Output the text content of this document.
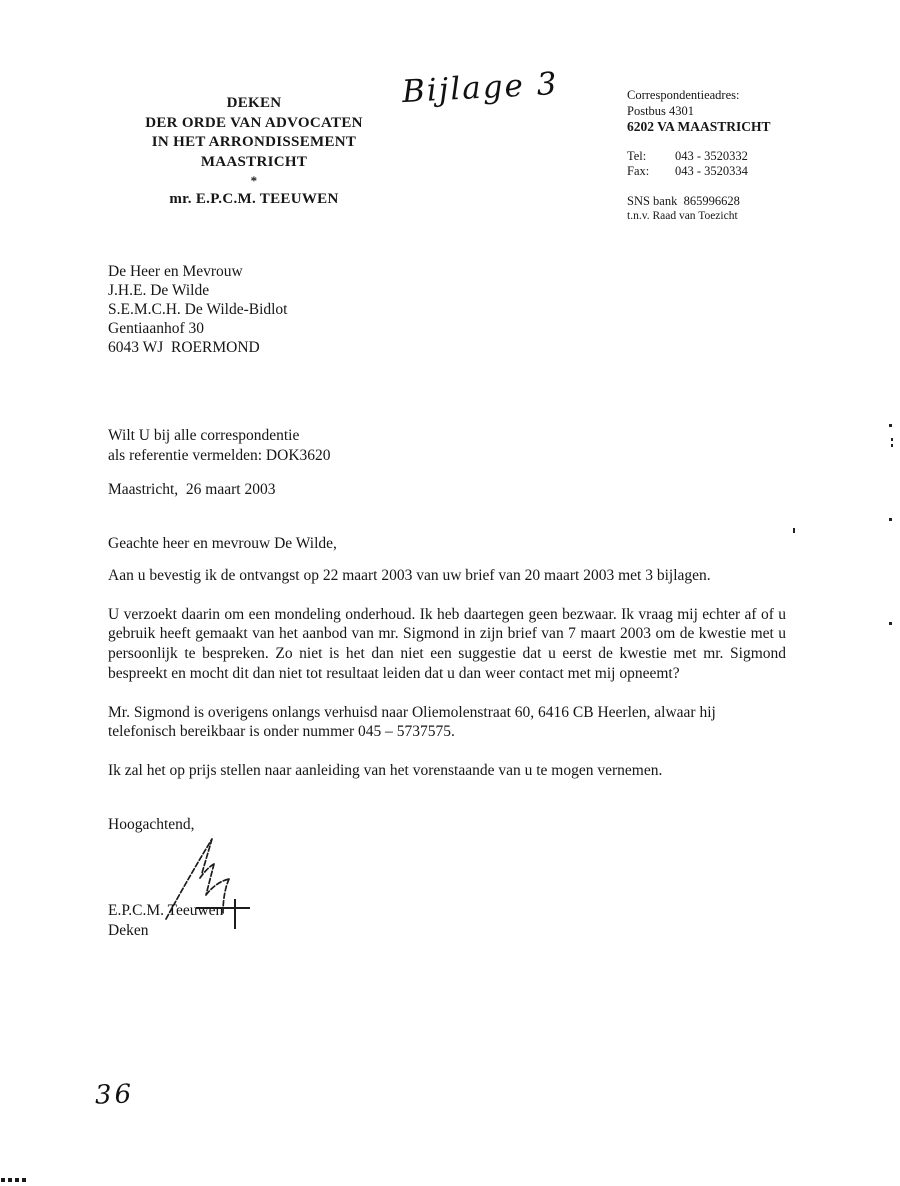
DEKEN
DER ORDE VAN ADVOCATEN
IN HET ARRONDISSEMENT
MAASTRICHT
*
mr. E.P.C.M. TEEUWEN
Bijlage 3	Correspondentieadres:
Postbus 4301
6202 VA MAASTRICHT
Tel:	043 - 3520332
Fax:	043 - 3520334
SNS bank  865996628
t.n.v. Raad van Toezicht
De Heer en Mevrouw
J.H.E. De Wilde
S.E.M.C.H. De Wilde-Bidlot
Gentiaanhof 30
6043 WJ  ROERMOND
Wilt U bij alle correspondentie
als referentie vermelden: DOK3620
Maastricht,  26 maart 2003
Geachte heer en mevrouw De Wilde,

Aan u bevestig ik de ontvangst op 22 maart 2003 van uw brief van 20 maart 2003 met 3 bijlagen.

U verzoekt daarin om een mondeling onderhoud. Ik heb daartegen geen bezwaar. Ik vraag mij echter af of u gebruik heeft gemaakt van het aanbod van mr. Sigmond in zijn brief van 7 maart 2003 om de kwestie met u persoonlijk te bespreken. Zo niet is het dan niet een suggestie dat u eerst de kwestie met mr. Sigmond bespreekt en mocht dit dan niet tot resultaat leiden dat u dan weer contact met mij opneemt?

Mr. Sigmond is overigens onlangs verhuisd naar Oliemolenstraat 60, 6416 CB Heerlen, alwaar hij telefonisch bereikbaar is onder nummer 045 – 5737575.

Ik zal het op prijs stellen naar aanleiding van het vorenstaande van u te mogen vernemen.

Hoogachtend,
E.P.C.M. Teeuwen
Deken
36
